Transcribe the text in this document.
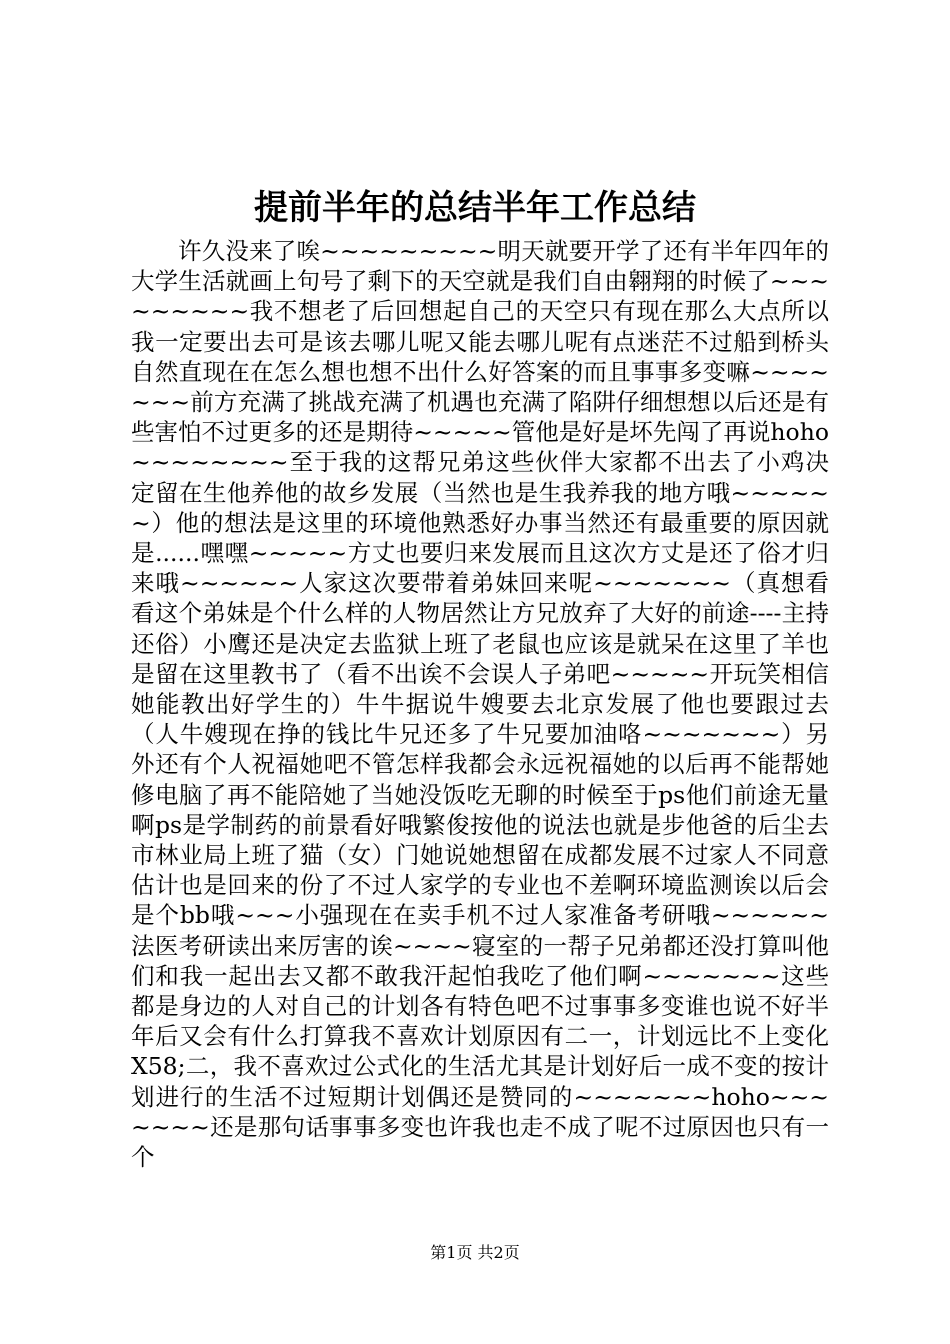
提前半年的总结半年工作总结

许久没来了唉~~~~~~~~~明天就要开学了还有半年四年的大学生活就画上句号了剩下的天空就是我们自由翱翔的时候了~~~~~~~~~我不想老了后回想起自己的天空只有现在那么大点所以我一定要出去可是该去哪儿呢又能去哪儿呢有点迷茫不过船到桥头自然直现在在怎么想也想不出什么好答案的而且事事多变嘛~~~~~~~前方充满了挑战充满了机遇也充满了陷阱仔细想想以后还是有些害怕不过更多的还是期待~~~~~管他是好是坏先闯了再说hoho~~~~~~~~至于我的这帮兄弟这些伙伴大家都不出去了小鸡决定留在生他养他的故乡发展（当然也是生我养我的地方哦~~~~~~）他的想法是这里的环境他熟悉好办事当然还有最重要的原因就是......嘿嘿~~~~~方丈也要归来发展而且这次方丈是还了俗才归来哦~~~~~~人家这次要带着弟妹回来呢~~~~~~~（真想看看这个弟妹是个什么样的人物居然让方兄放弃了大好的前途----主持还俗）小鹰还是决定去监狱上班了老鼠也应该是就呆在这里了羊也是留在这里教书了（看不出诶不会误人子弟吧~~~~~开玩笑相信她能教出好学生的）牛牛据说牛嫂要去北京发展了他也要跟过去（人牛嫂现在挣的钱比牛兄还多了牛兄要加油咯~~~~~~~）另外还有个人祝福她吧不管怎样我都会永远祝福她的以后再不能帮她修电脑了再不能陪她了当她没饭吃无聊的时候至于ps他们前途无量啊ps是学制药的前景看好哦繁俊按他的说法也就是步他爸的后尘去市林业局上班了猫（女）门她说她想留在成都发展不过家人不同意估计也是回来的份了不过人家学的专业也不差啊环境监测诶以后会是个bb哦~~~小强现在在卖手机不过人家准备考研哦~~~~~~法医考研读出来厉害的诶~~~~寝室的一帮子兄弟都还没打算叫他们和我一起出去又都不敢我汗起怕我吃了他们啊~~~~~~~这些都是身边的人对自己的计划各有特色吧不过事事多变谁也说不好半年后又会有什么打算我不喜欢计划原因有二一，计划远比不上变化X58;二，我不喜欢过公式化的生活尤其是计划好后一成不变的按计划进行的生活不过短期计划偶还是赞同的~~~~~~~hoho~~~~~~~还是那句话事事多变也许我也走不成了呢不过原因也只有一个

第1页 共2页
